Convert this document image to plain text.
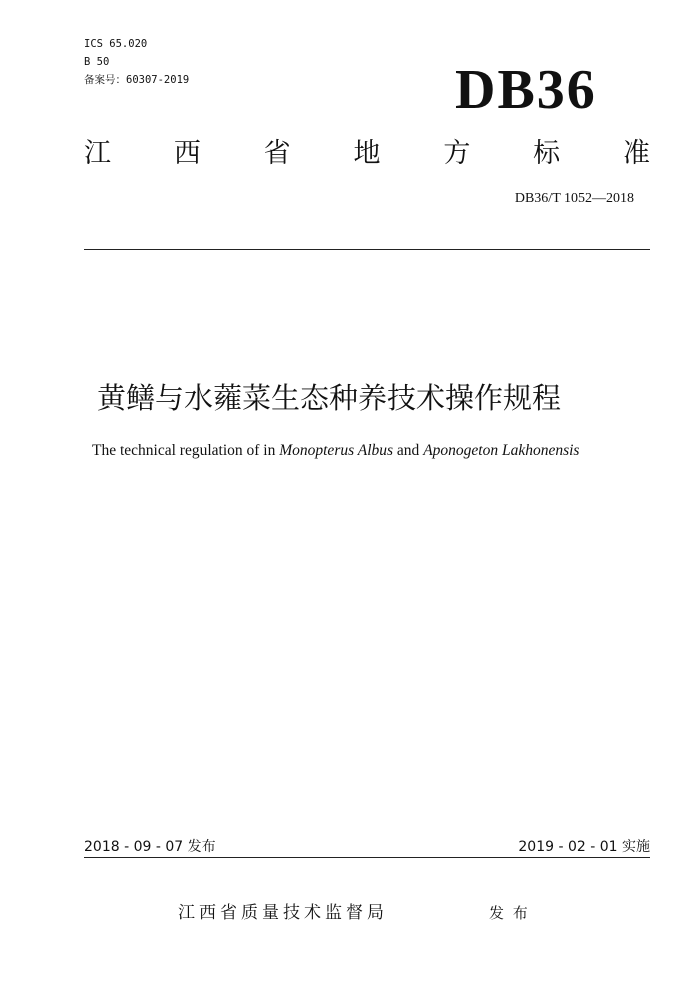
ICS 65.020
B 50
备案号：60307-2019	DB36
江 西 省 地 方 标 准
DB36/T 1052—2018
黄鳝与水蕹菜生态种养技术操作规程
The technical regulation of in Monopterus Albus and Aponogeton Lakhonensis
2018 - 09 - 07 发布	2019 - 02 - 01 实施
江西省质量技术监督局	发 布
